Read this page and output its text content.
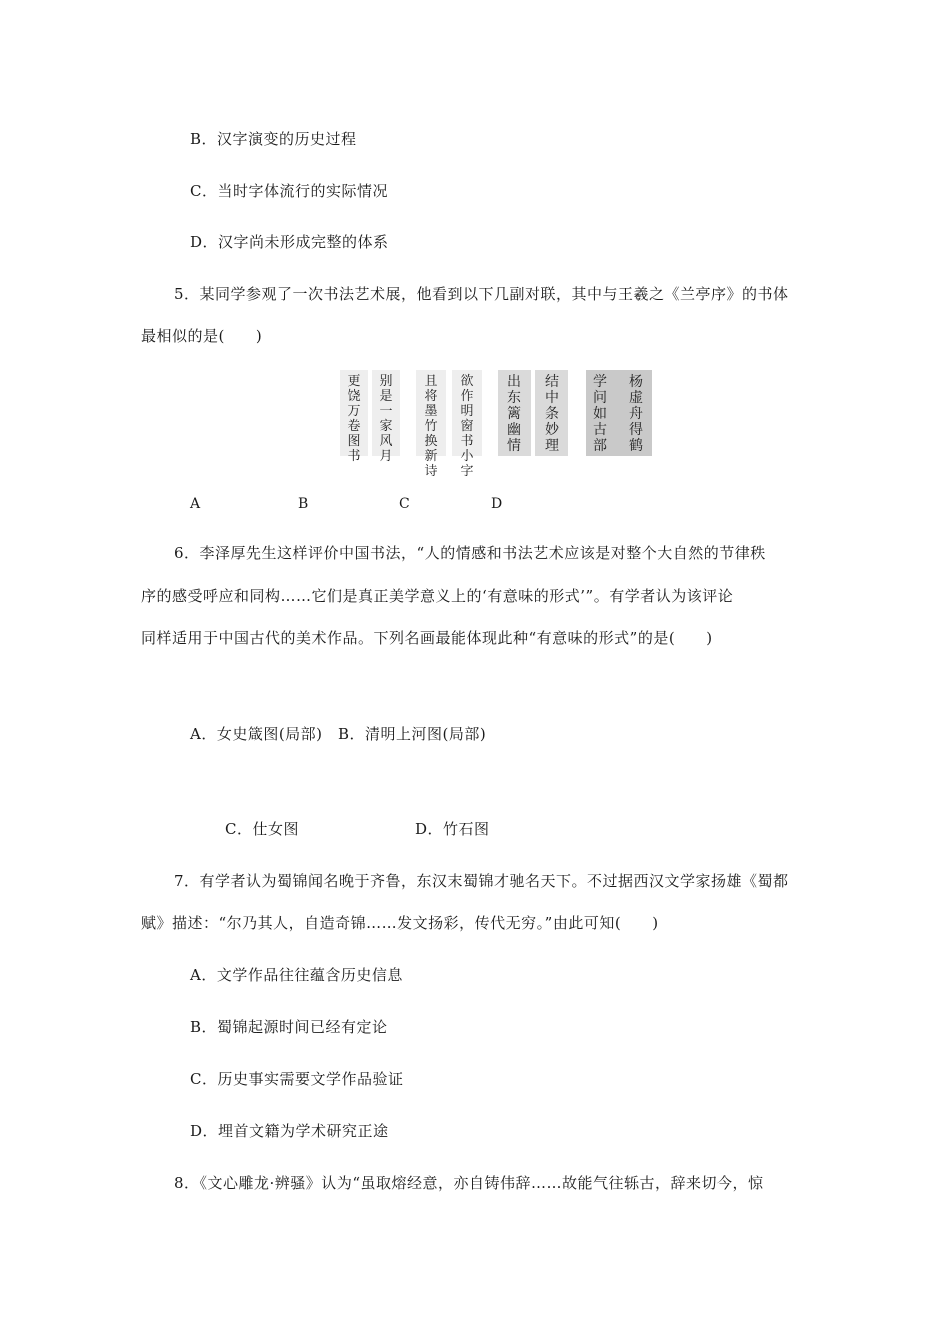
B．汉字演变的历史过程
C．当时字体流行的实际情况
D．汉字尚未形成完整的体系
5．某同学参观了一次书法艺术展，他看到以下几副对联，其中与王羲之《兰亭序》的书体
最相似的是(　　)
更
饶
万
卷
图
书
别
是
一
家
风
月
且
将
墨
竹
换
新
诗
欲
作
明
窗
书
小
字
出
东
篱
幽
情
结
中
条
妙
理
学
问
如
古
部
杨
虚
舟
得
鹤
A	B	C	D
6．李泽厚先生这样评价中国书法，“人的情感和书法艺术应该是对整个大自然的节律秩
序的感受呼应和同构……它们是真正美学意义上的‘有意味的形式’”。有学者认为该评论
同样适用于中国古代的美术作品。下列名画最能体现此种“有意味的形式”的是(　　)
A．女史箴图(局部)　B．清明上河图(局部)
C．仕女图	D．竹石图
7．有学者认为蜀锦闻名晚于齐鲁，东汉末蜀锦才驰名天下。不过据西汉文学家扬雄《蜀都
赋》描述：“尔乃其人，自造奇锦……发文扬彩，传代无穷。”由此可知(　　)
A．文学作品往往蕴含历史信息
B．蜀锦起源时间已经有定论
C．历史事实需要文学作品验证
D．埋首文籍为学术研究正途
8．《文心雕龙·辨骚》认为“虽取熔经意，亦自铸伟辞……故能气往轹古，辞来切今，惊
